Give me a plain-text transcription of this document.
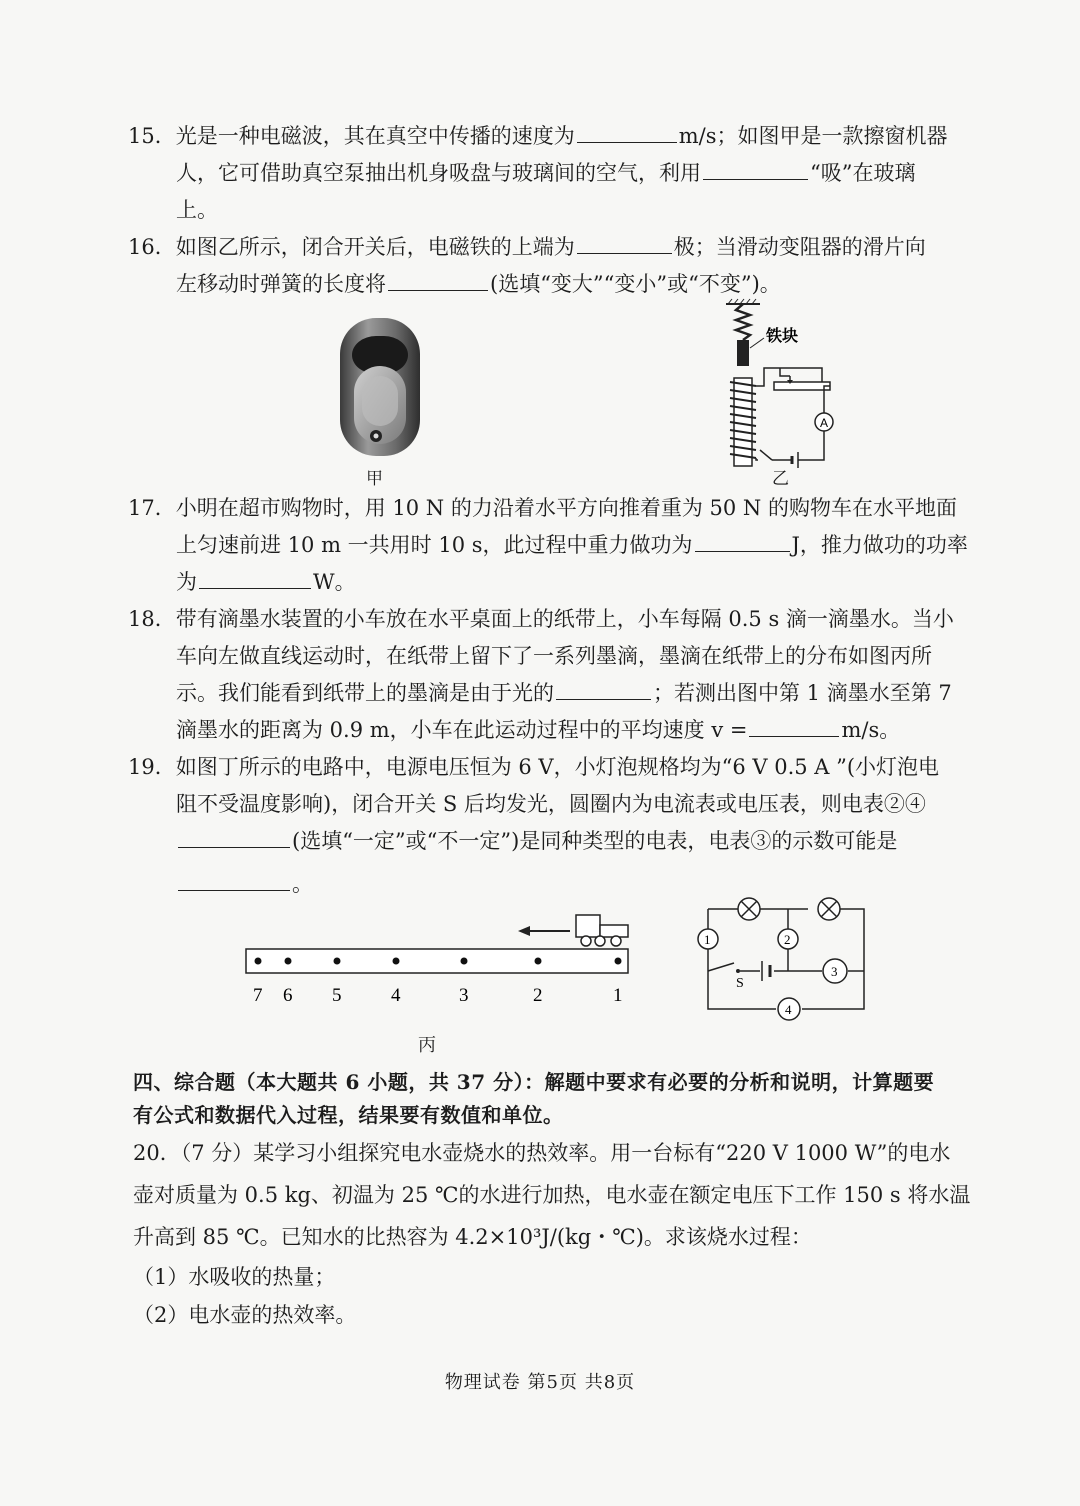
15．光是一种电磁波，其在真空中传播的速度为	m/s；如图甲是一款擦窗机器
人，它可借助真空泵抽出机身吸盘与玻璃间的空气，利用	“吸”在玻璃
上。
16．如图乙所示，闭合开关后，电磁铁的上端为	极；当滑动变阻器的滑片向
左移动时弹簧的长度将	(选填“变大”“变小”或“不变”)。
甲
A
铁块
乙
17．小明在超市购物时，用 10 N 的力沿着水平方向推着重为 50 N 的购物车在水平地面
上匀速前进 10 m 一共用时 10 s，此过程中重力做功为	J，推力做功的功率
为	W。
18．带有滴墨水装置的小车放在水平桌面上的纸带上，小车每隔 0.5 s 滴一滴墨水。当小
车向左做直线运动时，在纸带上留下了一系列墨滴，墨滴在纸带上的分布如图丙所
示。我们能看到纸带上的墨滴是由于光的	；若测出图中第 1 滴墨水至第 7
滴墨水的距离为 0.9 m，小车在此运动过程中的平均速度 v =	m/s。
19．如图丁所示的电路中，电源电压恒为 6 V，小灯泡规格均为“6 V 0.5 A ”(小灯泡电
阻不受温度影响)，闭合开关 S 后均发光，圆圈内为电流表或电压表，则电表②④
(选填“一定”或“不一定”)是同种类型的电表，电表③的示数可能是
。
7 6 5	4	3	2	1
丙
1	2
3
4
S
四、综合题（本大题共 6 小题，共 37 分）：解题中要求有必要的分析和说明，计算题要
有公式和数据代入过程，结果要有数值和单位。
20．（7 分）某学习小组探究电水壶烧水的热效率。用一台标有“220 V 1000 W”的电水
壶对质量为 0.5 kg、初温为 25 ℃的水进行加热，电水壶在额定电压下工作 150 s 将水温
升高到 85 ℃。已知水的比热容为 4.2×10³J/(kg・℃)。求该烧水过程：
（1）水吸收的热量；
（2）电水壶的热效率。
物理试卷 第5页 共8页
